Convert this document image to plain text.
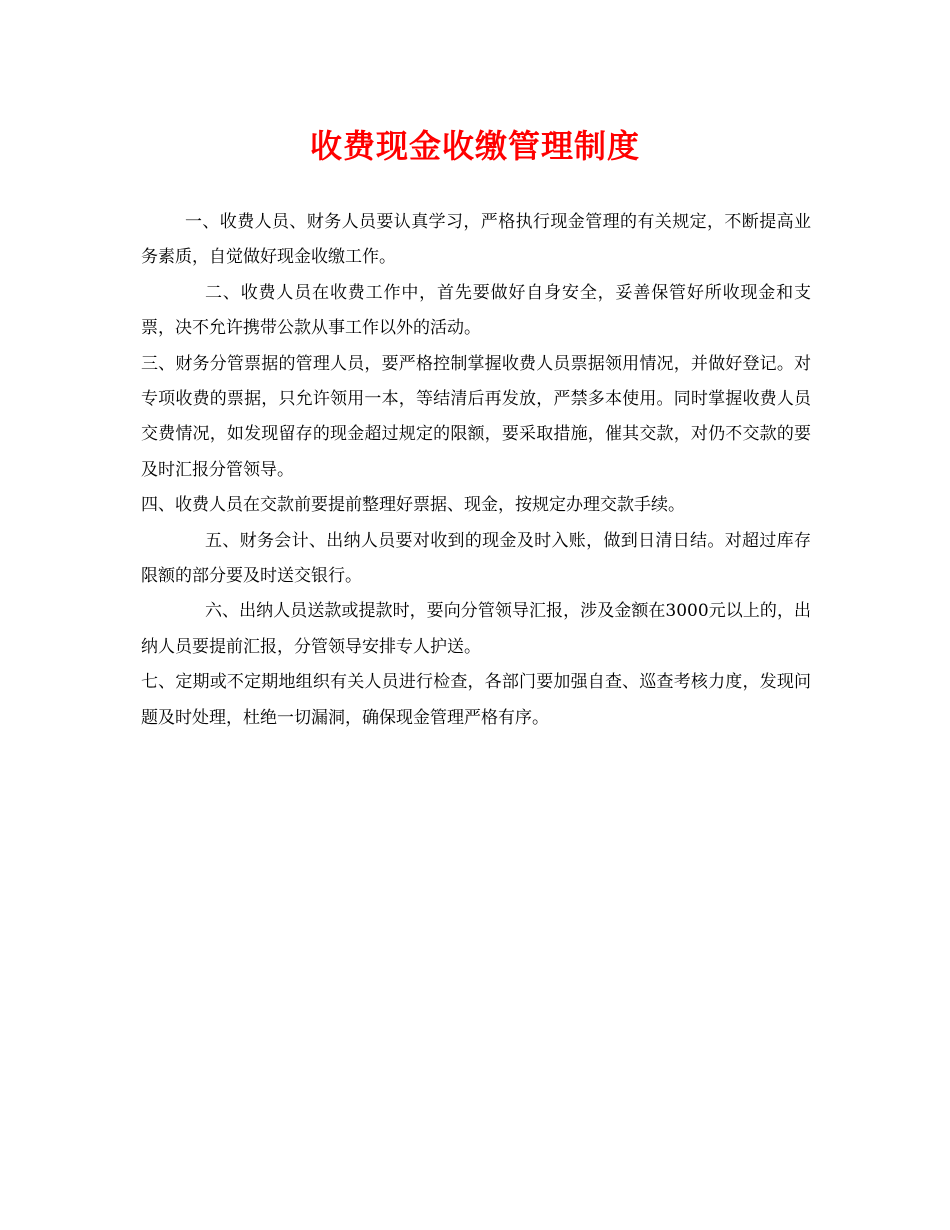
收费现金收缴管理制度

一、收费人员、财务人员要认真学习，严格执行现金管理的有关规定，不断提高业务素质，自觉做好现金收缴工作。

二、收费人员在收费工作中，首先要做好自身安全，妥善保管好所收现金和支票，决不允许携带公款从事工作以外的活动。

三、财务分管票据的管理人员，要严格控制掌握收费人员票据领用情况，并做好登记。对专项收费的票据，只允许领用一本，等结清后再发放，严禁多本使用。同时掌握收费人员交费情况，如发现留存的现金超过规定的限额，要采取措施，催其交款，对仍不交款的要及时汇报分管领导。

四、收费人员在交款前要提前整理好票据、现金，按规定办理交款手续。

五、财务会计、出纳人员要对收到的现金及时入账，做到日清日结。对超过库存限额的部分要及时送交银行。

六、出纳人员送款或提款时，要向分管领导汇报，涉及金额在3000元以上的，出纳人员要提前汇报，分管领导安排专人护送。

七、定期或不定期地组织有关人员进行检查，各部门要加强自查、巡查考核力度，发现问题及时处理，杜绝一切漏洞，确保现金管理严格有序。
